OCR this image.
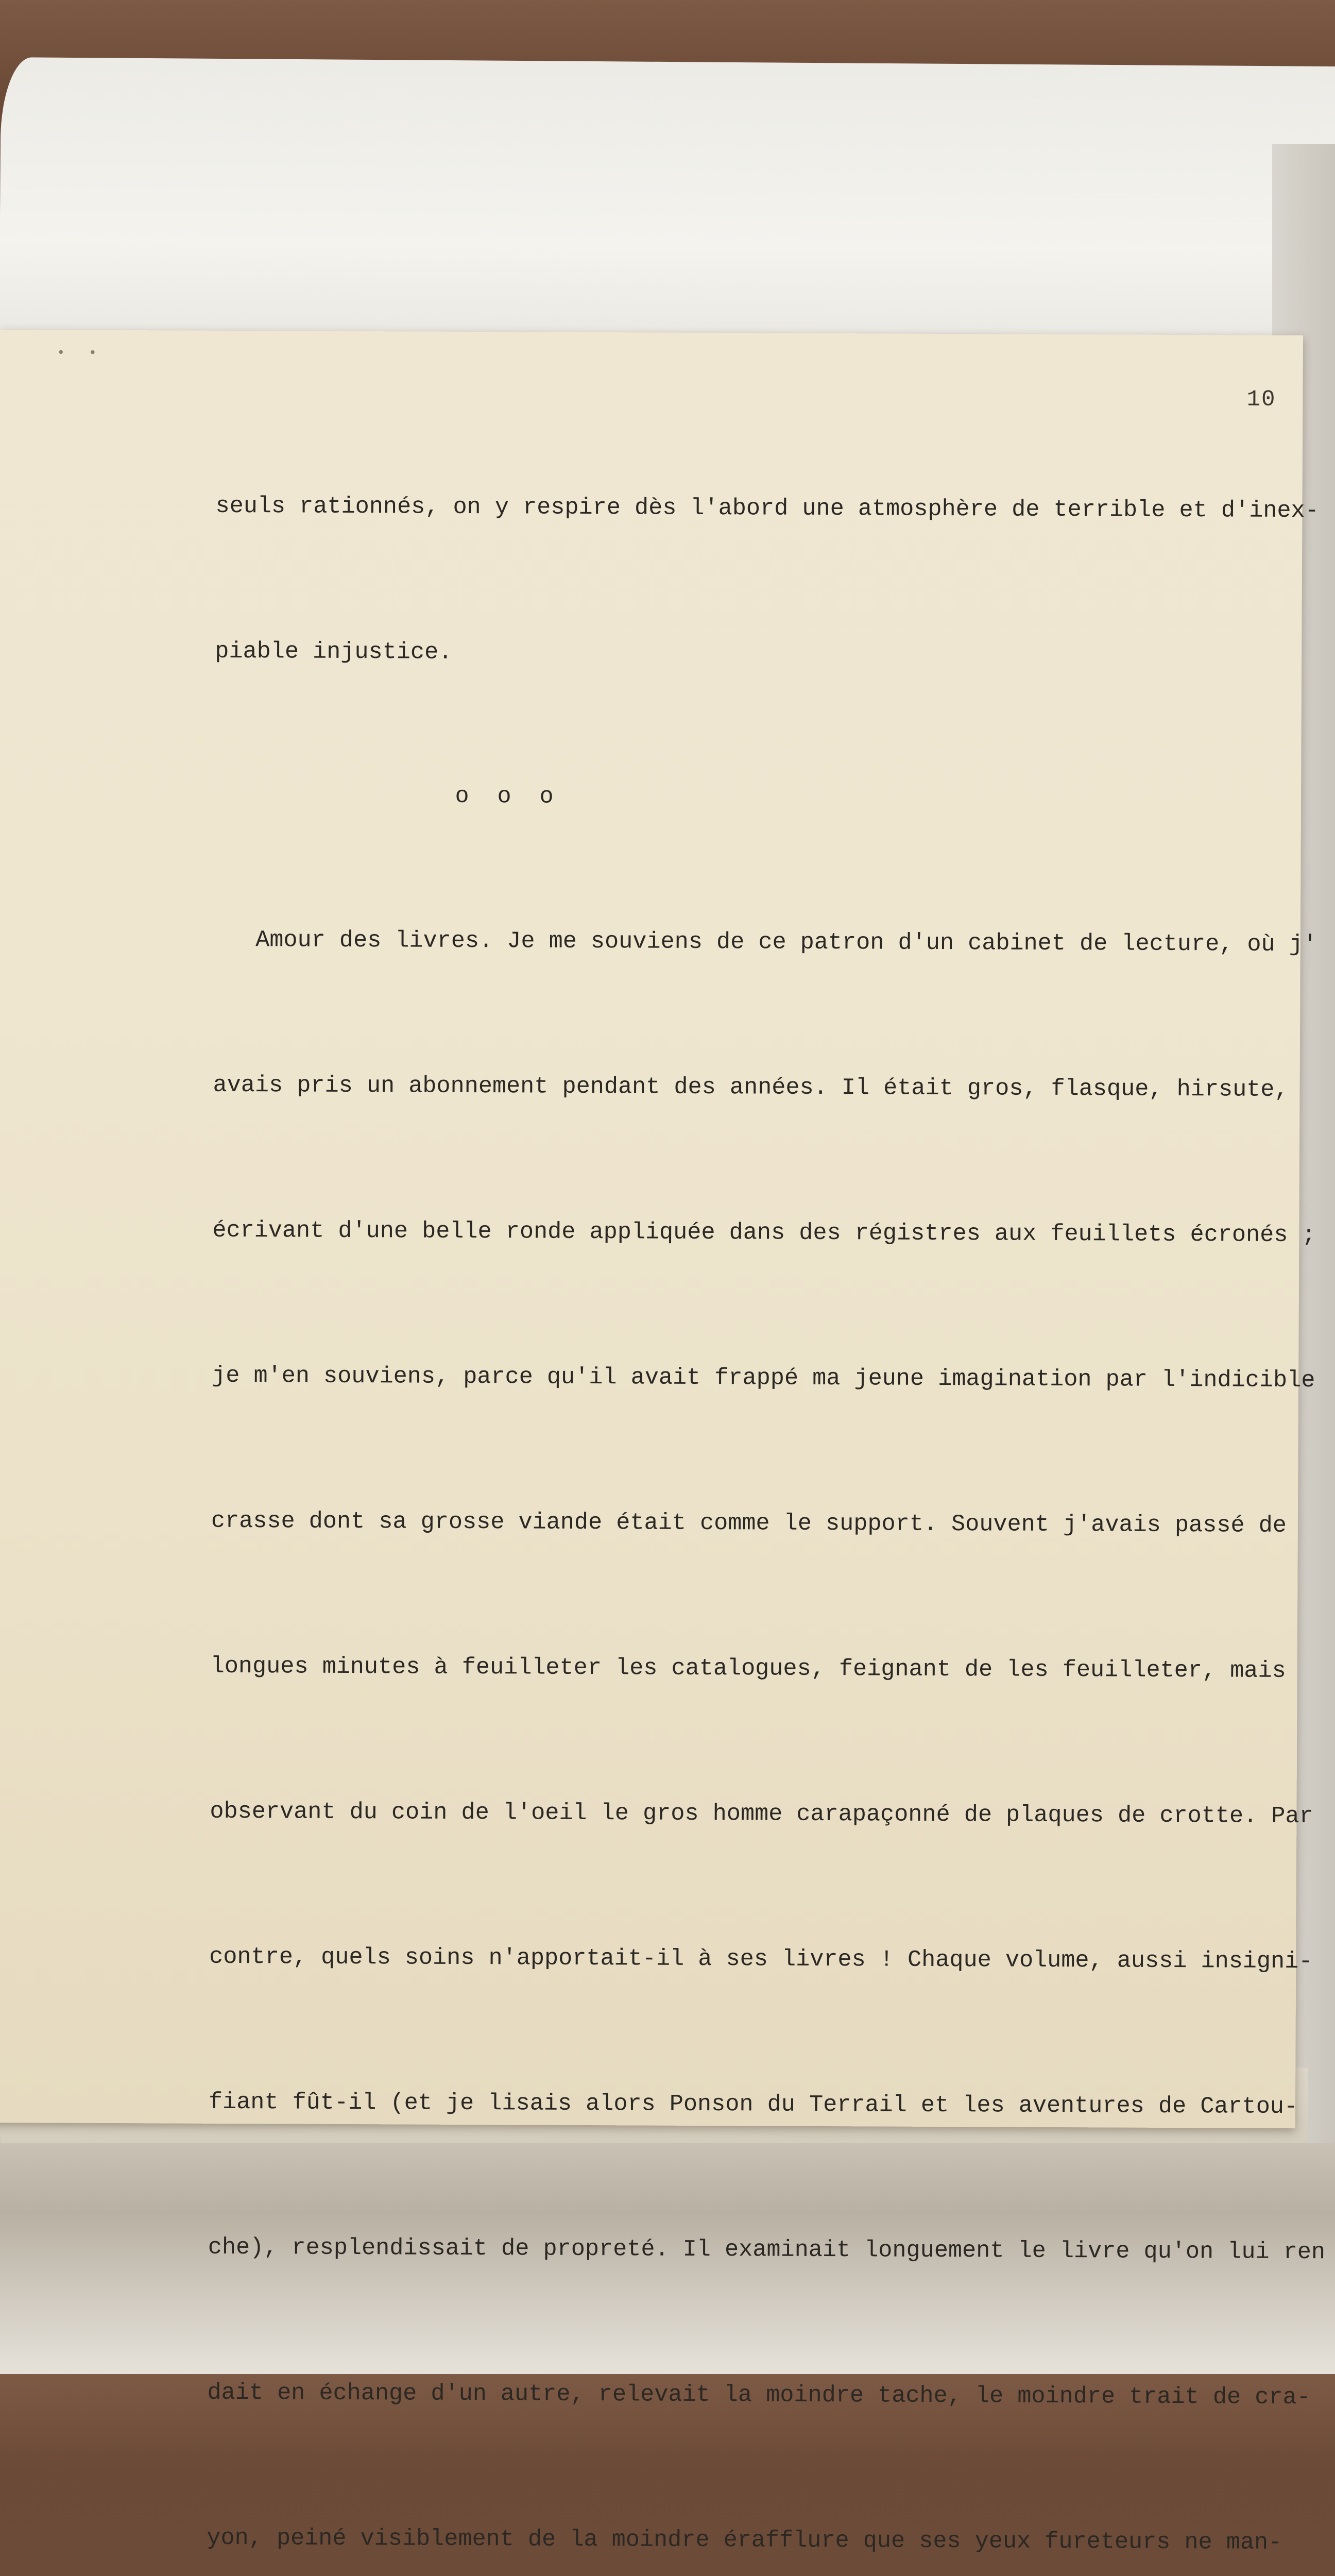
• •
10

seuls rationnés, on y respire dès l'abord une atmosphère de terrible et d'inex-

piable injustice.

o o o

Amour des livres. Je me souviens de ce patron d'un cabinet de lecture, où j'

avais pris un abonnement pendant des années. Il était gros, flasque, hirsute,

écrivant d'une belle ronde appliquée dans des régistres aux feuillets écronés ;

je m'en souviens, parce qu'il avait frappé ma jeune imagination par l'indicible

crasse dont sa grosse viande était comme le support. Souvent j'avais passé de

longues minutes à feuilleter les catalogues, feignant de les feuilleter, mais

observant du coin de l'oeil le gros homme carapaçonné de plaques de crotte. Par

contre, quels soins n'apportait-il à ses livres ! Chaque volume, aussi insigni-

fiant fût-il (et je lisais alors Ponson du Terrail et les aventures de Cartou-

che), resplendissait de propreté. Il examinait longuement le livre qu'on lui ren

dait en échange d'un autre, relevait la moindre tache, le moindre trait de cra-

yon, peiné visiblement de la moindre érafflure que ses yeux fureteurs ne man-
